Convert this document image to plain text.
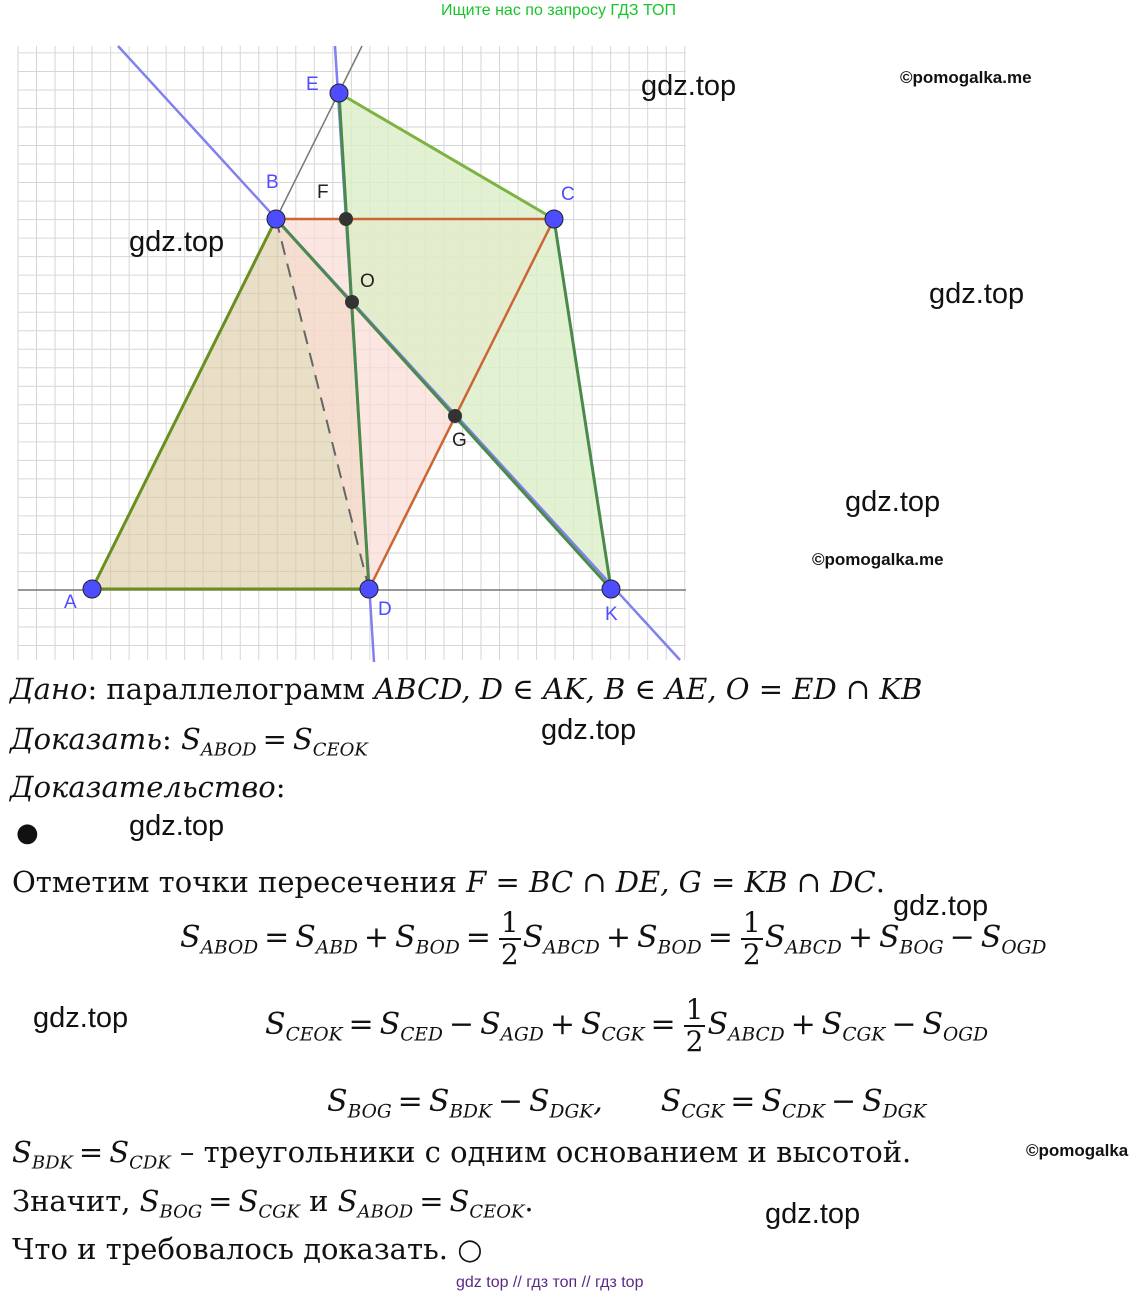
Ищите нас по запросу ГДЗ ТОП
A
B
C
D
E
K
F
O
G
gdz.top	©pomogalka.me
gdz.top
gdz.top
gdz.top
©pomogalka.me
gdz.top
gdz.top
gdz.top
gdz.top
©pomogalka
gdz.top
Дано: параллелограмм ABCD, D ∈ AK, B ∈ AE, O = ED ∩ KB
Доказать: $S_{ABOD} = S_{CEOK}$
Доказательство:
●
Отметим точки пересечения F = BC ∩ DE, G = KB ∩ DC.
$S_{ABOD} = S_{ABD} + S_{BOD} = \frac{1}{2} S_{ABCD} + S_{BOD} = \frac{1}{2} S_{ABCD} + S_{BOG} - S_{OGD}$
$S_{CEOK} = S_{CED} - S_{AGD} + S_{CGK} = \frac{1}{2} S_{ABCD} + S_{CGK} - S_{OGD}$
$S_{BOG} = S_{BDK} - S_{DGK}$, $S_{CGK} = S_{CDK} - S_{DGK}$
$S_{BDK} = S_{CDK}$ – треугольники с одним основанием и высотой.
Значит, $S_{BOG} = S_{CGK}$ и $S_{ABOD} = S_{CEOK}$.
Что и требовалось доказать. ○
gdz top // гдз топ // гдз top
